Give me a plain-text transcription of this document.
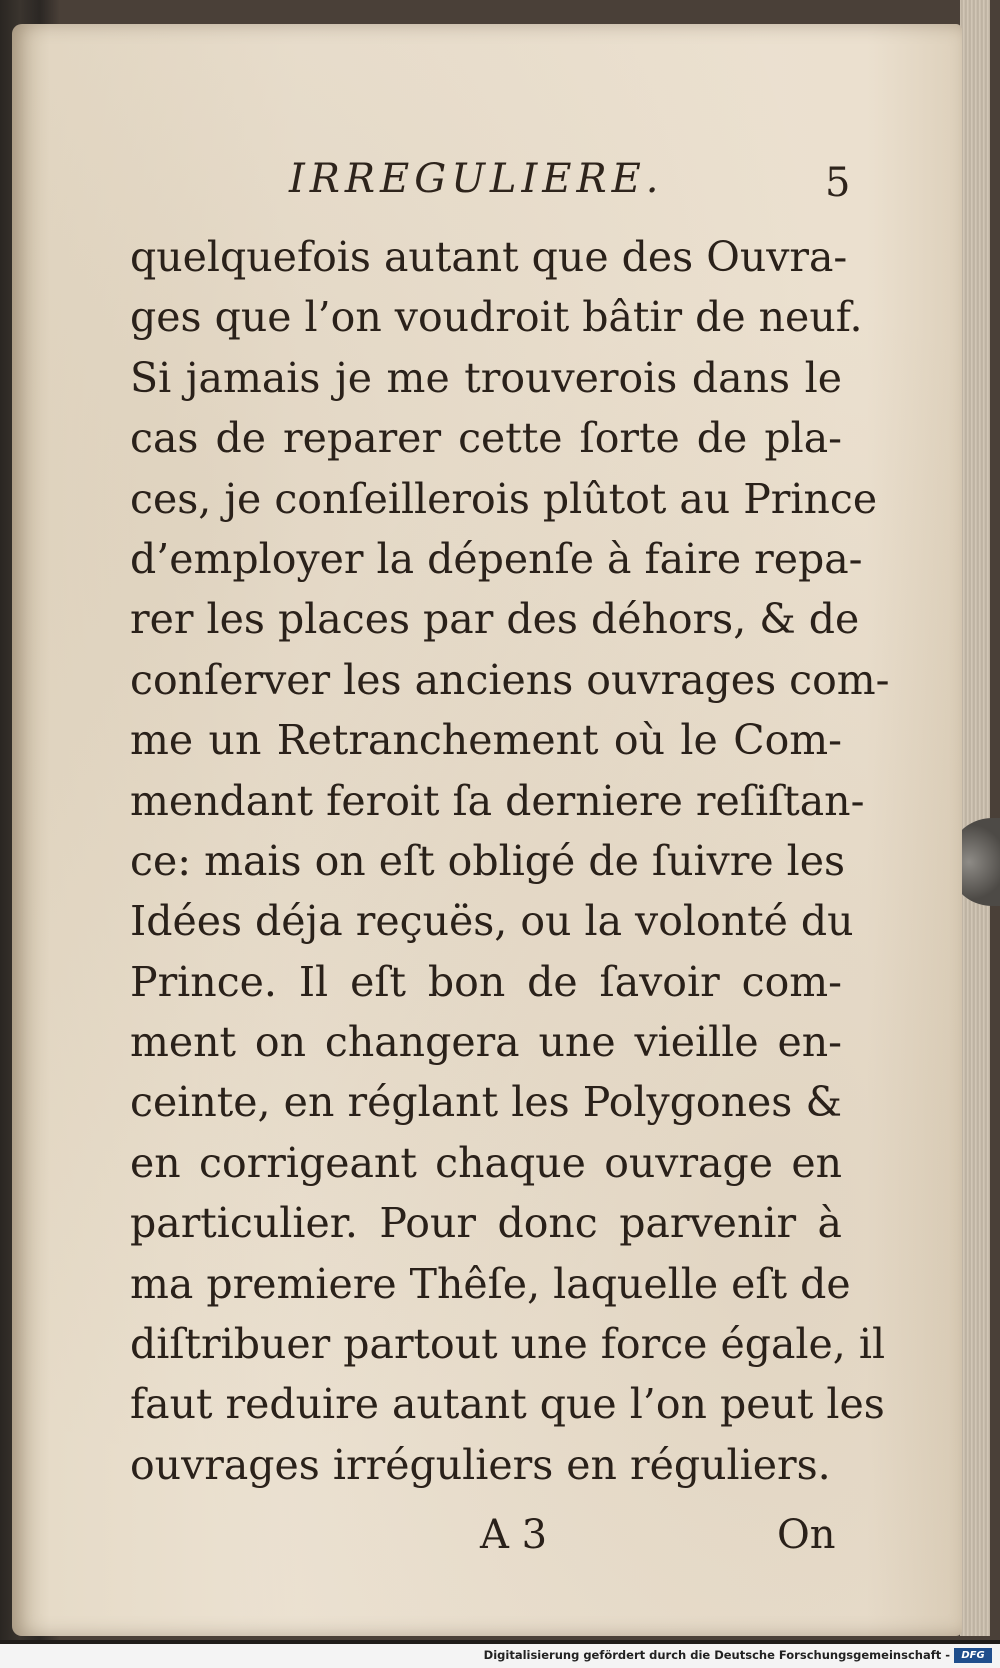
IRREGULIERE.	5
quelquefois autant que des Ouvra-
ges que l’on voudroit bâtir de neuf.
Si jamais je me trouverois dans le
cas de reparer cette ſorte de pla-
ces, je conſeillerois plûtot au Prince
d’employer la dépenſe à faire repa-
rer les places par des déhors, & de
conſerver les anciens ouvrages com-
me un Retranchement où le Com-
mendant feroit ſa derniere reſiſtan-
ce: mais on eſt obligé de ſuivre les
Idées déja reçuës, ou la volonté du
Prince. Il eſt bon de ſavoir com-
ment on changera une vieille en-
ceinte, en réglant les Polygones &
en corrigeant chaque ouvrage en
particulier. Pour donc parvenir à
ma premiere Thêſe, laquelle eſt de
diſtribuer partout une force égale, il
faut reduire autant que l’on peut les
ouvrages irréguliers en réguliers.
A 3	On
Digitalisierung gefördert durch die Deutsche Forschungsgemeinschaft -	DFG
